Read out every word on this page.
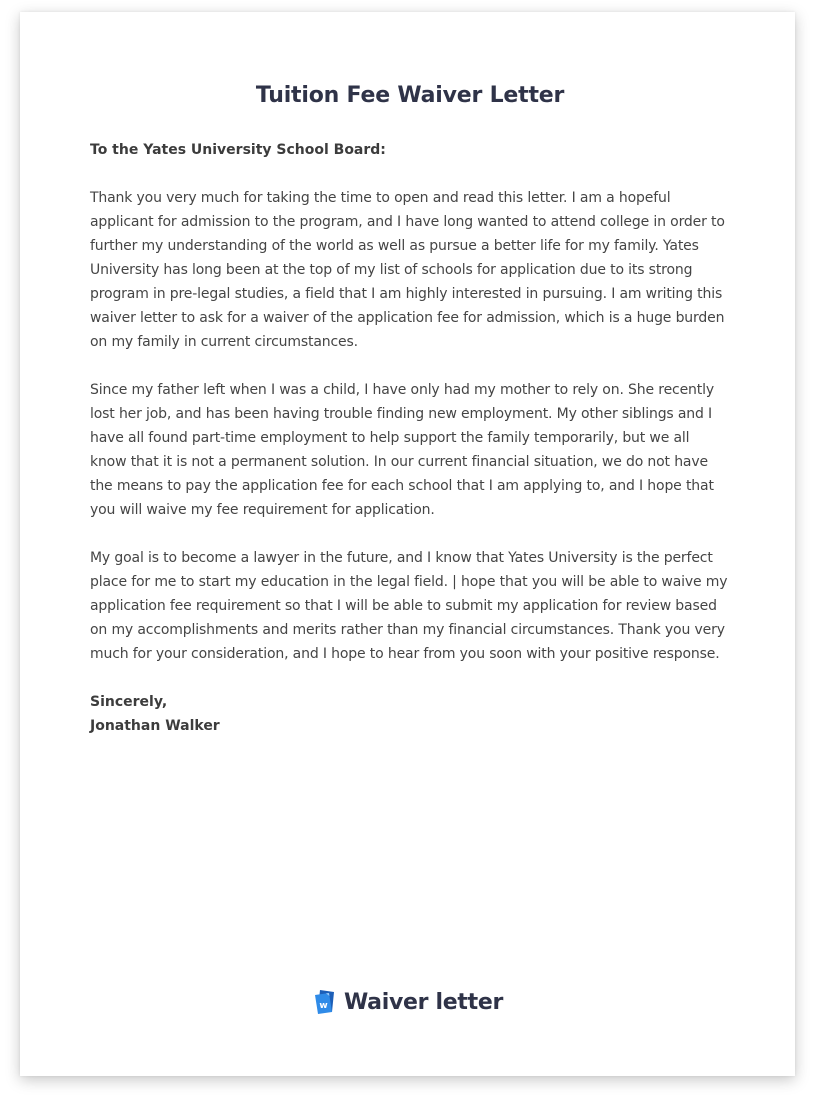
Tuition Fee Waiver Letter

To the Yates University School Board:

Thank you very much for taking the time to open and read this letter. I am a hopeful applicant for admission to the program, and I have long wanted to attend college in order to further my understanding of the world as well as pursue a better life for my family. Yates University has long been at the top of my list of schools for application due to its strong program in pre-legal studies, a field that I am highly interested in pursuing. I am writing this waiver letter to ask for a waiver of the application fee for admission, which is a huge burden on my family in current circumstances.

Since my father left when I was a child, I have only had my mother to rely on. She recently lost her job, and has been having trouble finding new employment. My other siblings and I have all found part-time employment to help support the family temporarily, but we all know that it is not a permanent solution. In our current financial situation, we do not have the means to pay the application fee for each school that I am applying to, and I hope that you will waive my fee requirement for application.

My goal is to become a lawyer in the future, and I know that Yates University is the perfect place for me to start my education in the legal field. | hope that you will be able to waive my application fee requirement so that I will be able to submit my application for review based on my accomplishments and merits rather than my financial circumstances. Thank you very much for your consideration, and I hope to hear from you soon with your positive response.

Sincerely,
Jonathan Walker

w Waiver letter
